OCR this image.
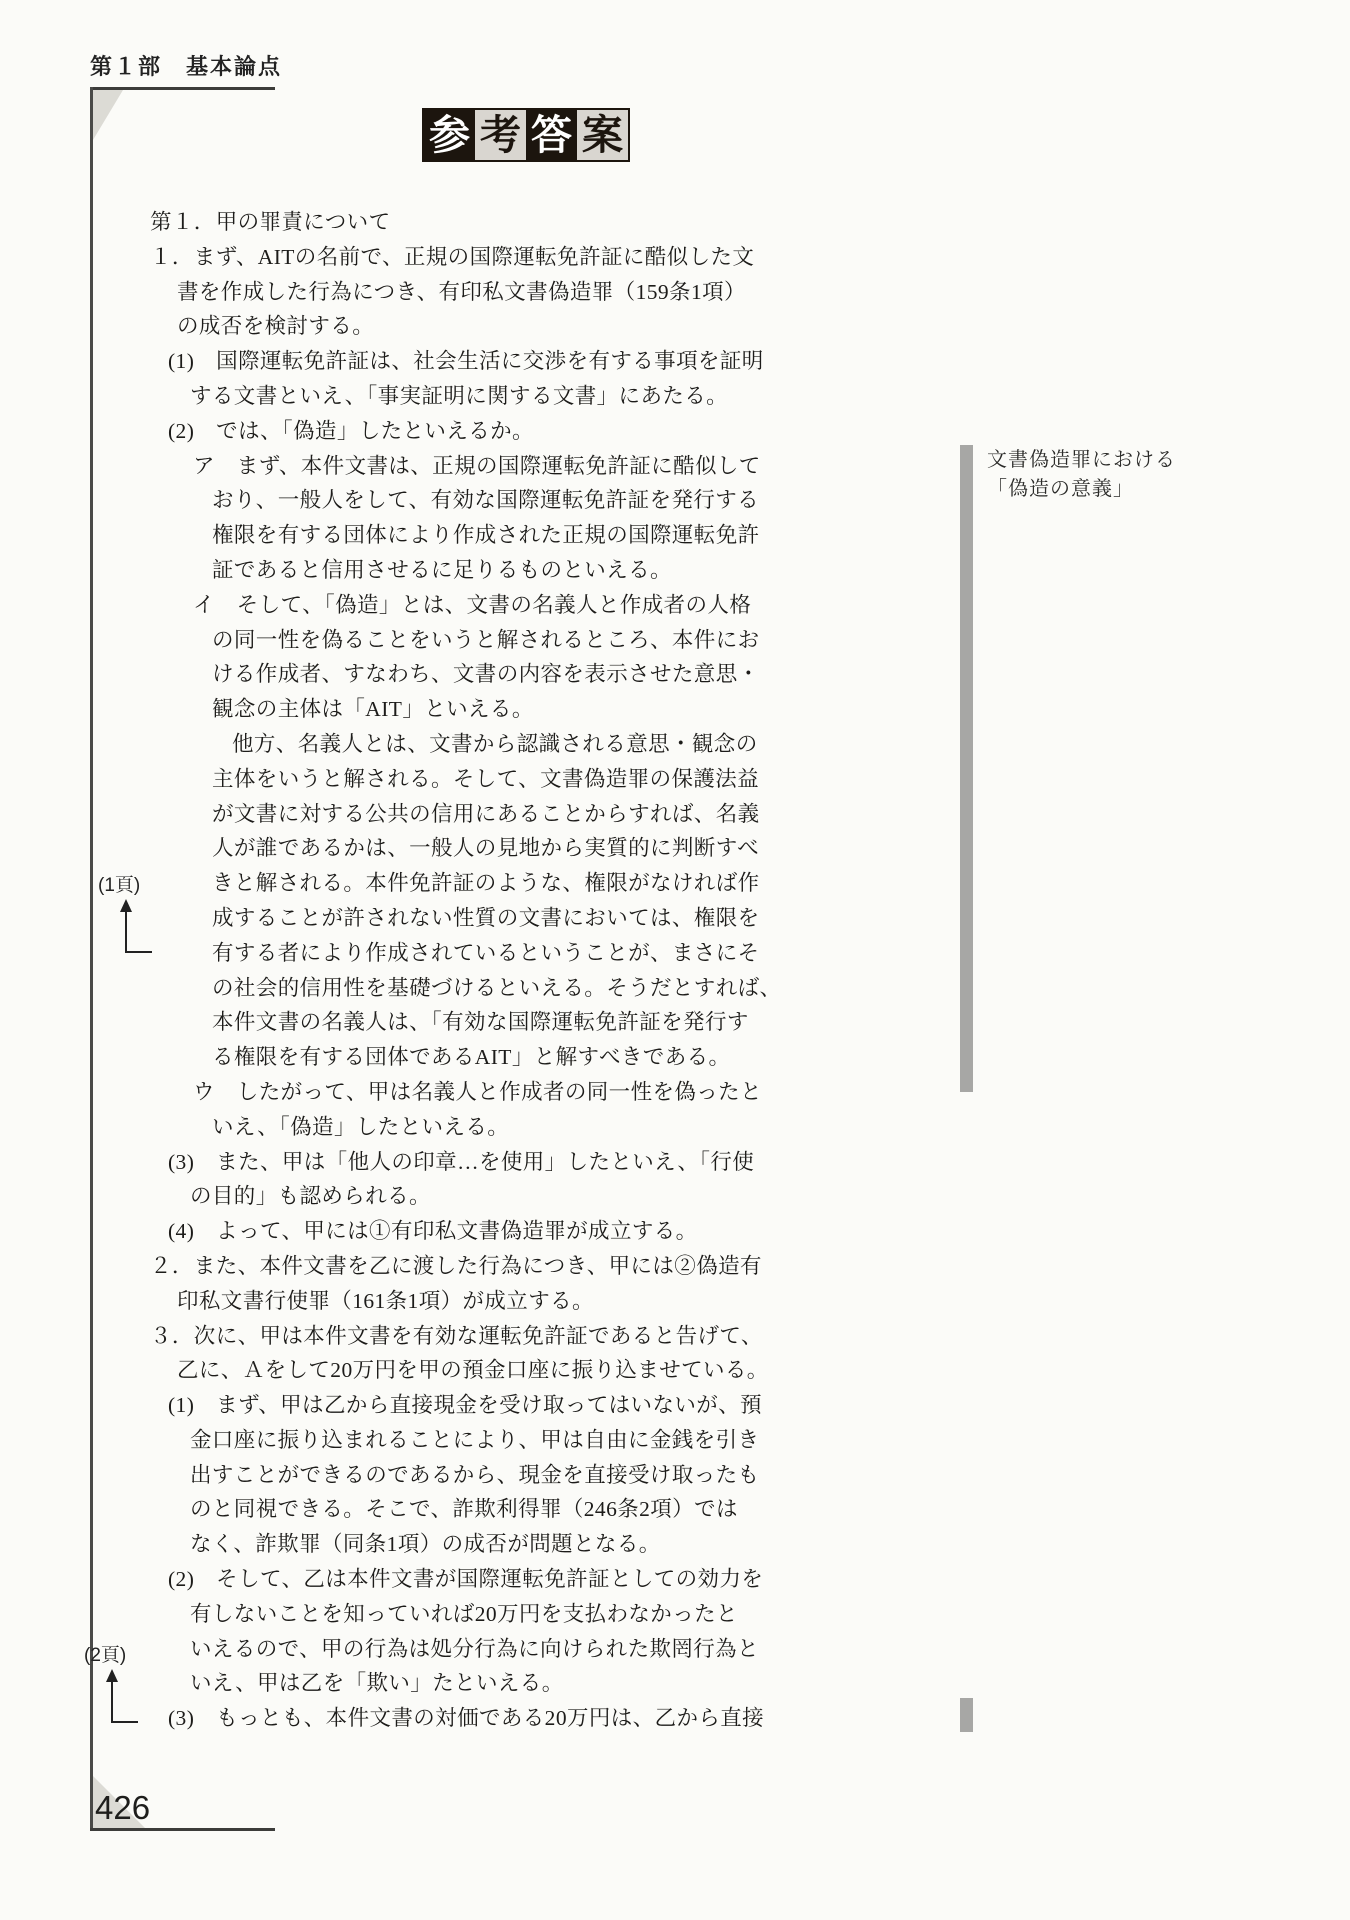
第１部　基本論点
参 考 答 案
第１．甲の罪責について
１．まず、AITの名前で、正規の国際運転免許証に酷似した文
書を作成した行為につき、有印私文書偽造罪（159条1項）
の成否を検討する。
(1)　国際運転免許証は、社会生活に交渉を有する事項を証明
する文書といえ、「事実証明に関する文書」にあたる。
(2)　では、「偽造」したといえるか。
ア　まず、本件文書は、正規の国際運転免許証に酷似して
おり、一般人をして、有効な国際運転免許証を発行する
権限を有する団体により作成された正規の国際運転免許
証であると信用させるに足りるものといえる。
イ　そして、「偽造」とは、文書の名義人と作成者の人格
の同一性を偽ることをいうと解されるところ、本件にお
ける作成者、すなわち、文書の内容を表示させた意思・
観念の主体は「AIT」といえる。
他方、名義人とは、文書から認識される意思・観念の
主体をいうと解される。そして、文書偽造罪の保護法益
が文書に対する公共の信用にあることからすれば、名義
人が誰であるかは、一般人の見地から実質的に判断すべ
きと解される。本件免許証のような、権限がなければ作
成することが許されない性質の文書においては、権限を
有する者により作成されているということが、まさにそ
の社会的信用性を基礎づけるといえる。そうだとすれば、
本件文書の名義人は、「有効な国際運転免許証を発行す
る権限を有する団体であるAIT」と解すべきである。
ウ　したがって、甲は名義人と作成者の同一性を偽ったと
いえ、「偽造」したといえる。
(3)　また、甲は「他人の印章…を使用」したといえ、「行使
の目的」も認められる。
(4)　よって、甲には①有印私文書偽造罪が成立する。
２．また、本件文書を乙に渡した行為につき、甲には②偽造有
印私文書行使罪（161条1項）が成立する。
３．次に、甲は本件文書を有効な運転免許証であると告げて、
乙に、Ａをして20万円を甲の預金口座に振り込ませている。
(1)　まず、甲は乙から直接現金を受け取ってはいないが、預
金口座に振り込まれることにより、甲は自由に金銭を引き
出すことができるのであるから、現金を直接受け取ったも
のと同視できる。そこで、詐欺利得罪（246条2項）では
なく、詐欺罪（同条1項）の成否が問題となる。
(2)　そして、乙は本件文書が国際運転免許証としての効力を
有しないことを知っていれば20万円を支払わなかったと
いえるので、甲の行為は処分行為に向けられた欺罔行為と
いえ、甲は乙を「欺い」たといえる。
(3)　もっとも、本件文書の対価である20万円は、乙から直接
文書偽造罪における
「偽造の意義」
(1頁)
(2頁)
426
